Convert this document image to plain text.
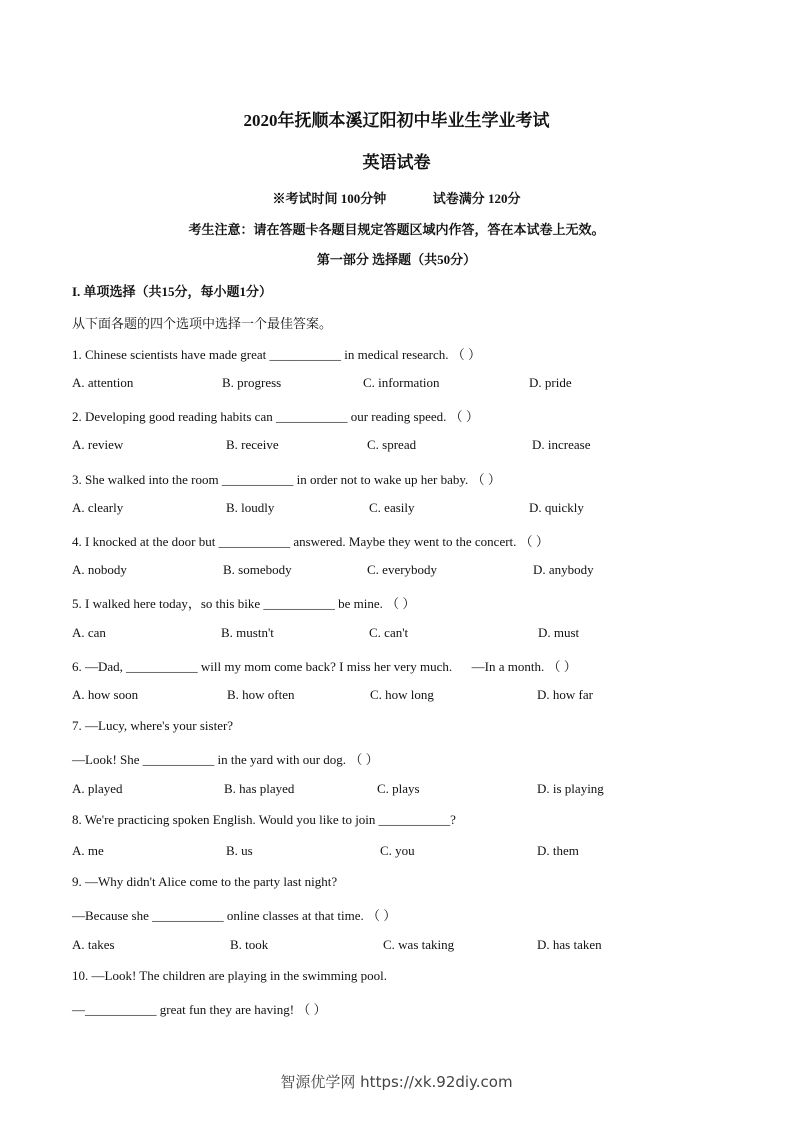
2020年抚顺本溪辽阳初中毕业生学业考试
英语试卷
※考试时间 100分钟	试卷满分 120分
考生注意：请在答题卡各题目规定答题区域内作答，答在本试卷上无效。
第一部分 选择题（共50分）
I. 单项选择（共15分，每小题1分）
从下面各题的四个选项中选择一个最佳答案。
1. Chinese scientists have made great ___________ in medical research. （ ）
A. attention	B. progress	C. information	D. pride
2. Developing good reading habits can ___________ our reading speed. （ ）
A. review	B. receive	C. spread	D. increase
3. She walked into the room ___________ in order not to wake up her baby. （ ）
A. clearly	B. loudly	C. easily	D. quickly
4. I knocked at the door but ___________ answered. Maybe they went to the concert. （ ）
A. nobody	B. somebody	C. everybody	D. anybody
5. I walked here today，so this bike ___________ be mine. （ ）
A. can	B. mustn't	C. can't	D. must
6. —Dad, ___________ will my mom come back? I miss her very much.      —In a month. （ ）
A. how soon	B. how often	C. how long	D. how far
7. —Lucy, where's your sister?
—Look! She ___________ in the yard with our dog. （ ）
A. played	B. has played	C. plays	D. is playing
8. We're practicing spoken English. Would you like to join ___________?
A. me	B. us	C. you	D. them
9. —Why didn't Alice come to the party last night?
—Because she ___________ online classes at that time. （ ）
A. takes	B. took	C. was taking	D. has taken
10. —Look! The children are playing in the swimming pool.
—___________ great fun they are having! （ ）
智源优学网 https://xk.92diy.com
